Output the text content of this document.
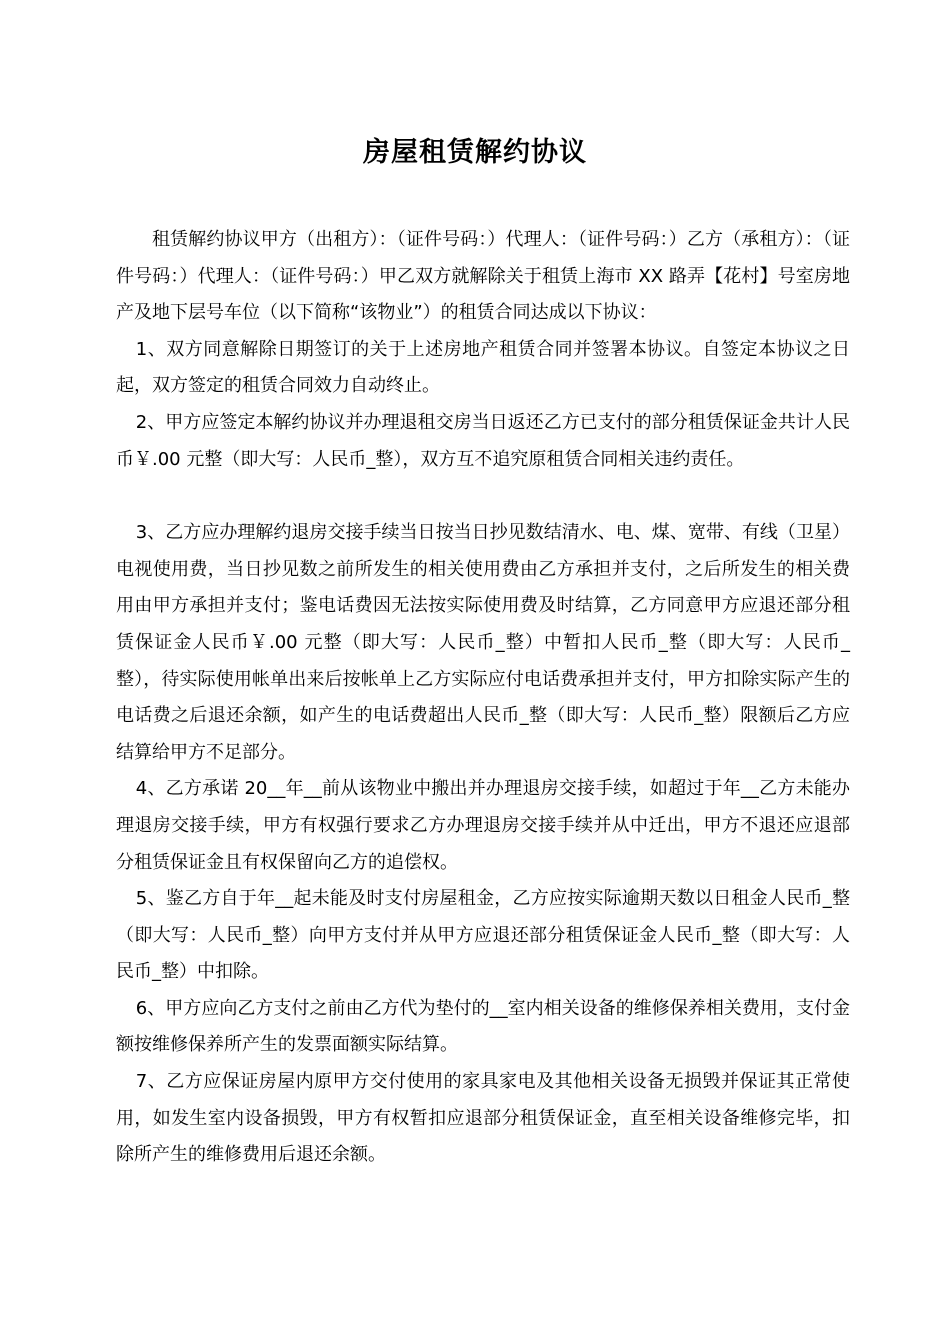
房屋租赁解约协议

租赁解约协议甲方（出租方）：（证件号码：）代理人：（证件号码：）乙方（承租方）：（证件号码：）代理人：（证件号码：）甲乙双方就解除关于租赁上海市 XX 路弄【花村】号室房地产及地下层号车位（以下简称“该物业”）的租赁合同达成以下协议：

1、双方同意解除日期签订的关于上述房地产租赁合同并签署本协议。自签定本协议之日起，双方签定的租赁合同效力自动终止。

2、甲方应签定本解约协议并办理退租交房当日返还乙方已支付的部分租赁保证金共计人民币￥.00 元整（即大写：人民币_整），双方互不追究原租赁合同相关违约责任。

3、乙方应办理解约退房交接手续当日按当日抄见数结清水、电、煤、宽带、有线（卫星）电视使用费，当日抄见数之前所发生的相关使用费由乙方承担并支付，之后所发生的相关费用由甲方承担并支付；鉴电话费因无法按实际使用费及时结算，乙方同意甲方应退还部分租赁保证金人民币￥.00 元整（即大写：人民币_整）中暂扣人民币_整（即大写：人民币_整），待实际使用帐单出来后按帐单上乙方实际应付电话费承担并支付，甲方扣除实际产生的电话费之后退还余额，如产生的电话费超出人民币_整（即大写：人民币_整）限额后乙方应结算给甲方不足部分。

4、乙方承诺 20__年__前从该物业中搬出并办理退房交接手续，如超过于年__乙方未能办理退房交接手续，甲方有权强行要求乙方办理退房交接手续并从中迁出，甲方不退还应退部分租赁保证金且有权保留向乙方的追偿权。

5、鉴乙方自于年__起未能及时支付房屋租金，乙方应按实际逾期天数以日租金人民币_整（即大写：人民币_整）向甲方支付并从甲方应退还部分租赁保证金人民币_整（即大写：人民币_整）中扣除。

6、甲方应向乙方支付之前由乙方代为垫付的__室内相关设备的维修保养相关费用，支付金额按维修保养所产生的发票面额实际结算。

7、乙方应保证房屋内原甲方交付使用的家具家电及其他相关设备无损毁并保证其正常使用，如发生室内设备损毁，甲方有权暂扣应退部分租赁保证金，直至相关设备维修完毕，扣除所产生的维修费用后退还余额。
